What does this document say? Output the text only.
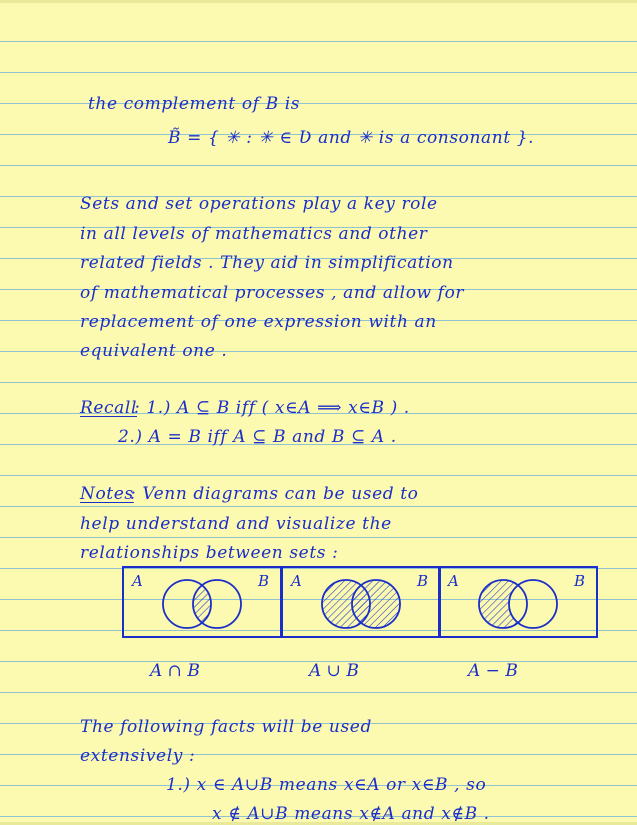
the complement of B is
B̃ = { ✳ : ✳ ∈ Ʋ and ✳ is a consonant }.
Sets and set operations play a key role
in all levels of mathematics and other
related fields . They aid in simplification
of mathematical processes , and allow for
replacement of one expression with an
equivalent one .
Recall
: 1.) A ⊆ B iff ( x∈A ⟹ x∈B ) .
2.) A = B iff A ⊆ B and B ⊆ A .
Notes
: Venn diagrams can be used to
help understand and visualize the
relationships between sets :
The following facts will be used
extensively :
1.) x ∈ A∪B means x∈A or x∈B , so
x ∉ A∪B means x∉A and x∉B .
A	B
A ∩ B
A	B
A ∪ B
A	B
A − B
